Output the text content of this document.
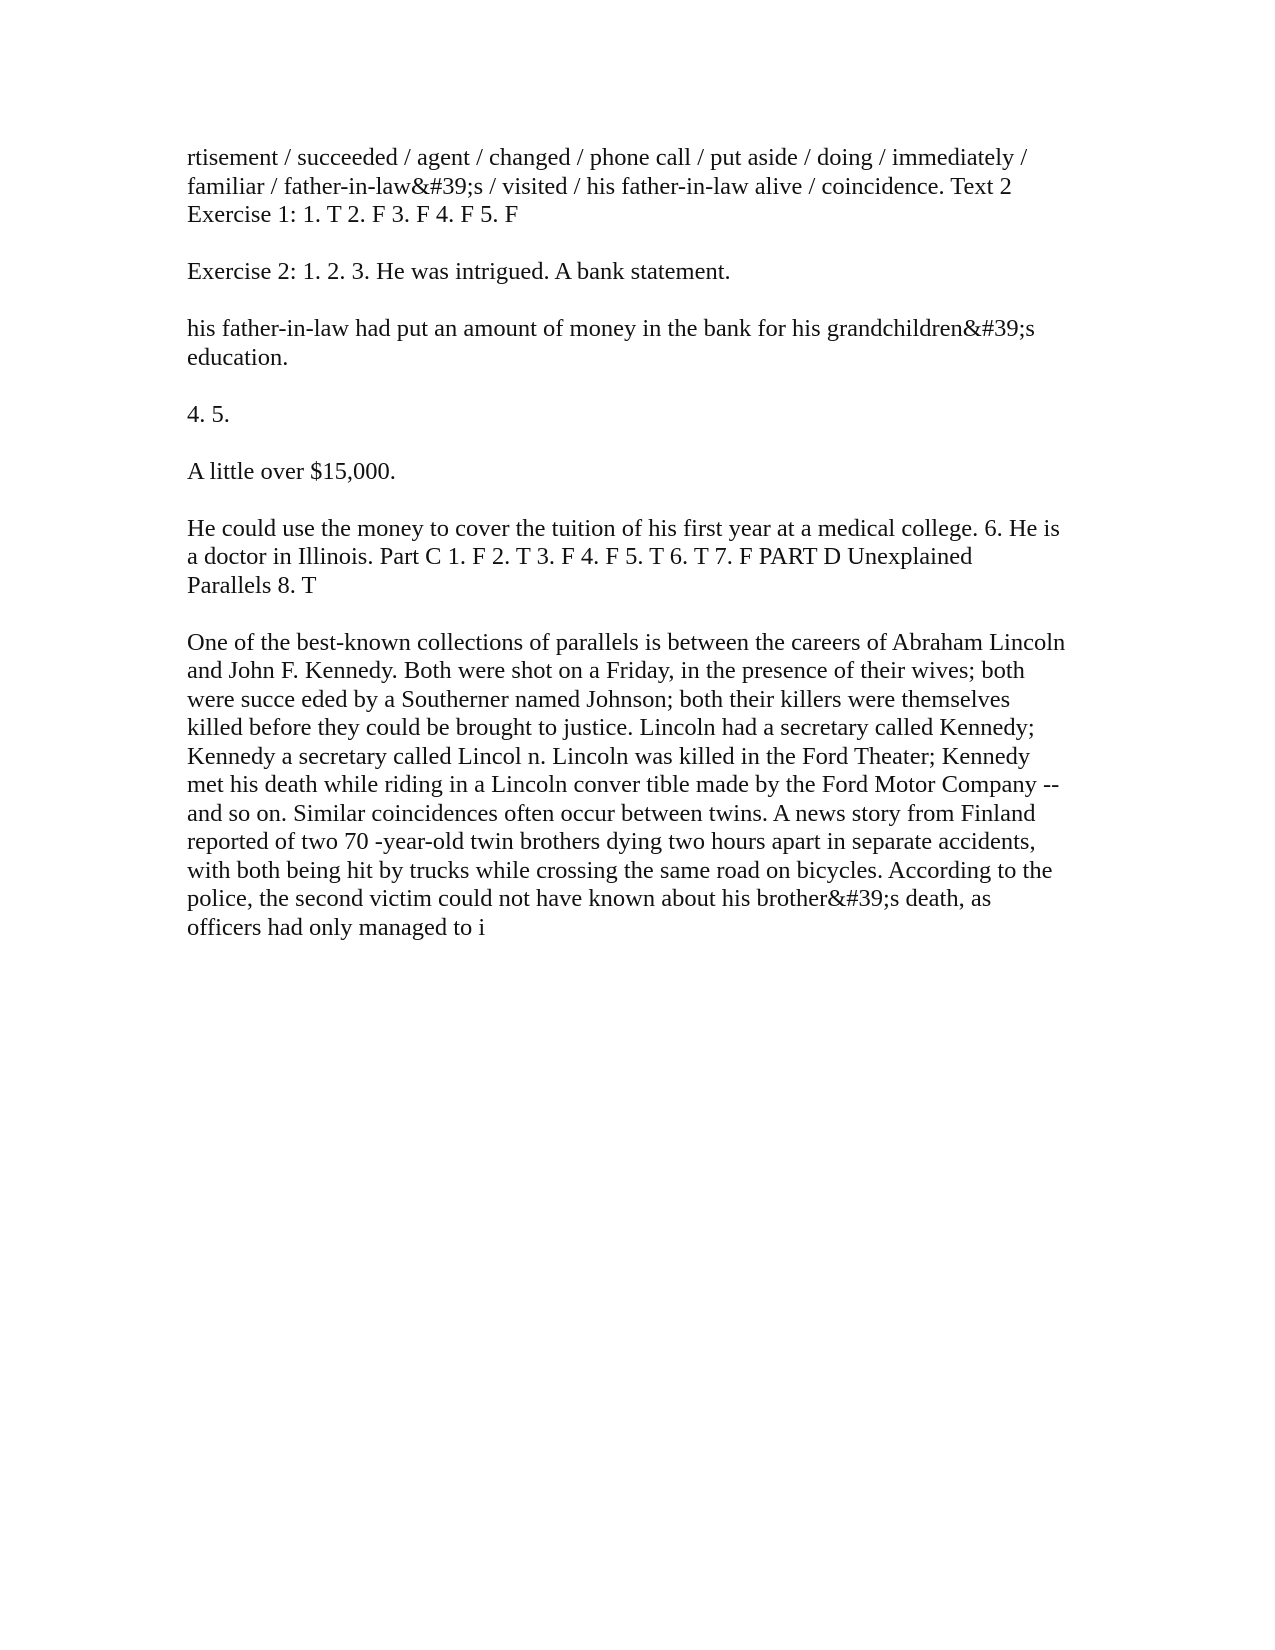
rtisement / succeeded / agent / changed / phone call / put aside / doing / immediately /
familiar / father-in-law&#39;s / visited / his father-in-law alive / coincidence. Text 2
Exercise 1: 1. T 2. F 3. F 4. F 5. F

Exercise 2: 1. 2. 3. He was intrigued. A bank statement.

his father-in-law had put an amount of money in the bank for his grandchildren&#39;s
education.

4. 5.

A little over $15,000.

He could use the money to cover the tuition of his first year at a medical college. 6. He is
a doctor in Illinois. Part C 1. F 2. T 3. F 4. F 5. T 6. T 7. F PART D Unexplained
Parallels 8. T

One of the best-known collections of parallels is between the careers of Abraham Lincoln
and John F. Kennedy. Both were shot on a Friday, in the presence of their wives; both
were succe eded by a Southerner named Johnson; both their killers were themselves
killed before they could be brought to justice. Lincoln had a secretary called Kennedy;
Kennedy a secretary called Lincol n. Lincoln was killed in the Ford Theater; Kennedy
met his death while riding in a Lincoln conver tible made by the Ford Motor Company --
and so on. Similar coincidences often occur between twins. A news story from Finland
reported of two 70 -year-old twin brothers dying two hours apart in separate accidents,
with both being hit by trucks while crossing the same road on bicycles. According to the
police, the second victim could not have known about his brother&#39;s death, as
officers had only managed to i
